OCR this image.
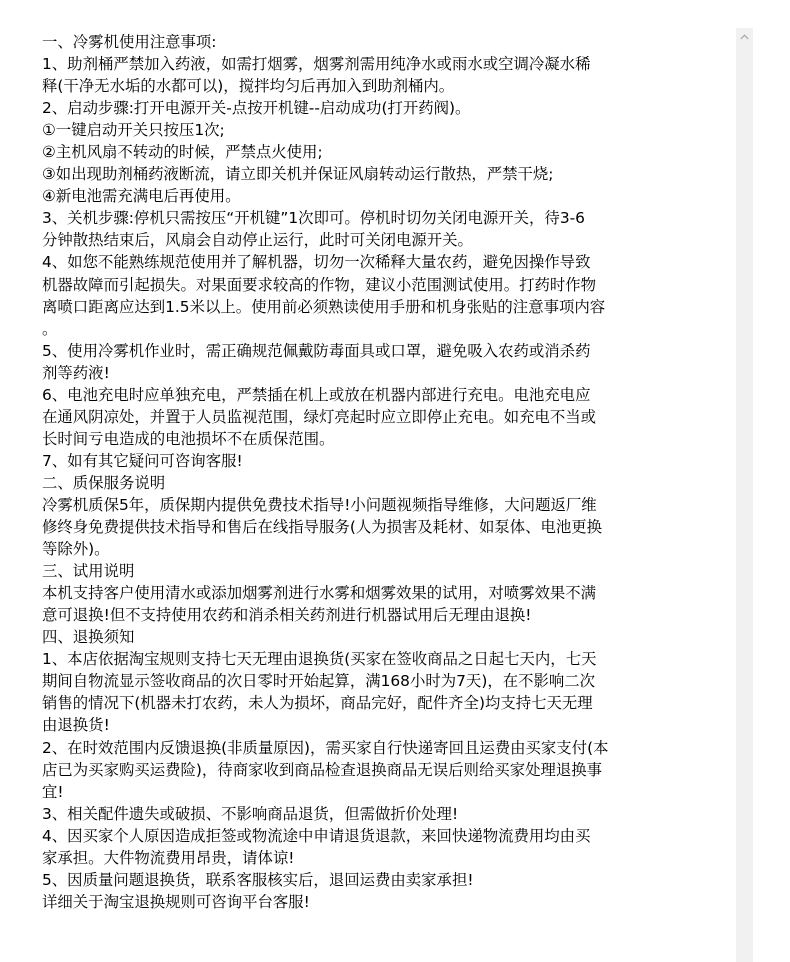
一、冷雾机使用注意事项:
1、助剂桶严禁加入药液，如需打烟雾，烟雾剂需用纯净水或雨水或空调冷凝水稀
释(干净无水垢的水都可以)，搅拌均匀后再加入到助剂桶内。
2、启动步骤:打开电源开关-点按开机键--启动成功(打开药阀)。
①一键启动开关只按压1次;
②主机风扇不转动的时候，严禁点火使用;
③如出现助剂桶药液断流，请立即关机并保证风扇转动运行散热，严禁干烧;
④新电池需充满电后再使用。
3、关机步骤:停机只需按压“开机键”1次即可。停机时切勿关闭电源开关，待3-6
分钟散热结束后，风扇会自动停止运行，此时可关闭电源开关。
4、如您不能熟练规范使用并了解机器，切勿一次稀释大量农药，避免因操作导致
机器故障而引起损失。对果面要求较高的作物，建议小范围测试使用。打药时作物
离喷口距离应达到1.5米以上。使用前必须熟读使用手册和机身张贴的注意事项内容
。
5、使用冷雾机作业时，需正确规范佩戴防毒面具或口罩，避免吸入农药或消杀药
剂等药液!
6、电池充电时应单独充电，严禁插在机上或放在机器内部进行充电。电池充电应
在通风阴凉处，并置于人员监视范围，绿灯亮起时应立即停止充电。如充电不当或
长时间亏电造成的电池损坏不在质保范围。
7、如有其它疑问可咨询客服!
二、质保服务说明
冷雾机质保5年，质保期内提供免费技术指导!小问题视频指导维修，大问题返厂维
修终身免费提供技术指导和售后在线指导服务(人为损害及耗材、如泵体、电池更换
等除外)。
三、试用说明
本机支持客户使用清水或添加烟雾剂进行水雾和烟雾效果的试用，对喷雾效果不满
意可退换!但不支持使用农药和消杀相关药剂进行机器试用后无理由退换!
四、退换须知
1、本店依据淘宝规则支持七天无理由退换货(买家在签收商品之日起七天内，七天
期间自物流显示签收商品的次日零时开始起算，满168小时为7天)，在不影响二次
销售的情况下(机器未打农药，未人为损坏，商品完好，配件齐全)均支持七天无理
由退换货!
2、在时效范围内反馈退换(非质量原因)，需买家自行快递寄回且运费由买家支付(本
店已为买家购买运费险)，待商家收到商品检查退换商品无误后则给买家处理退换事
宜!
3、相关配件遗失或破损、不影响商品退货，但需做折价处理!
4、因买家个人原因造成拒签或物流途中申请退货退款，来回快递物流费用均由买
家承担。大件物流费用昂贵，请体谅!
5、因质量问题退换货，联系客服核实后，退回运费由卖家承担!
详细关于淘宝退换规则可咨询平台客服!
